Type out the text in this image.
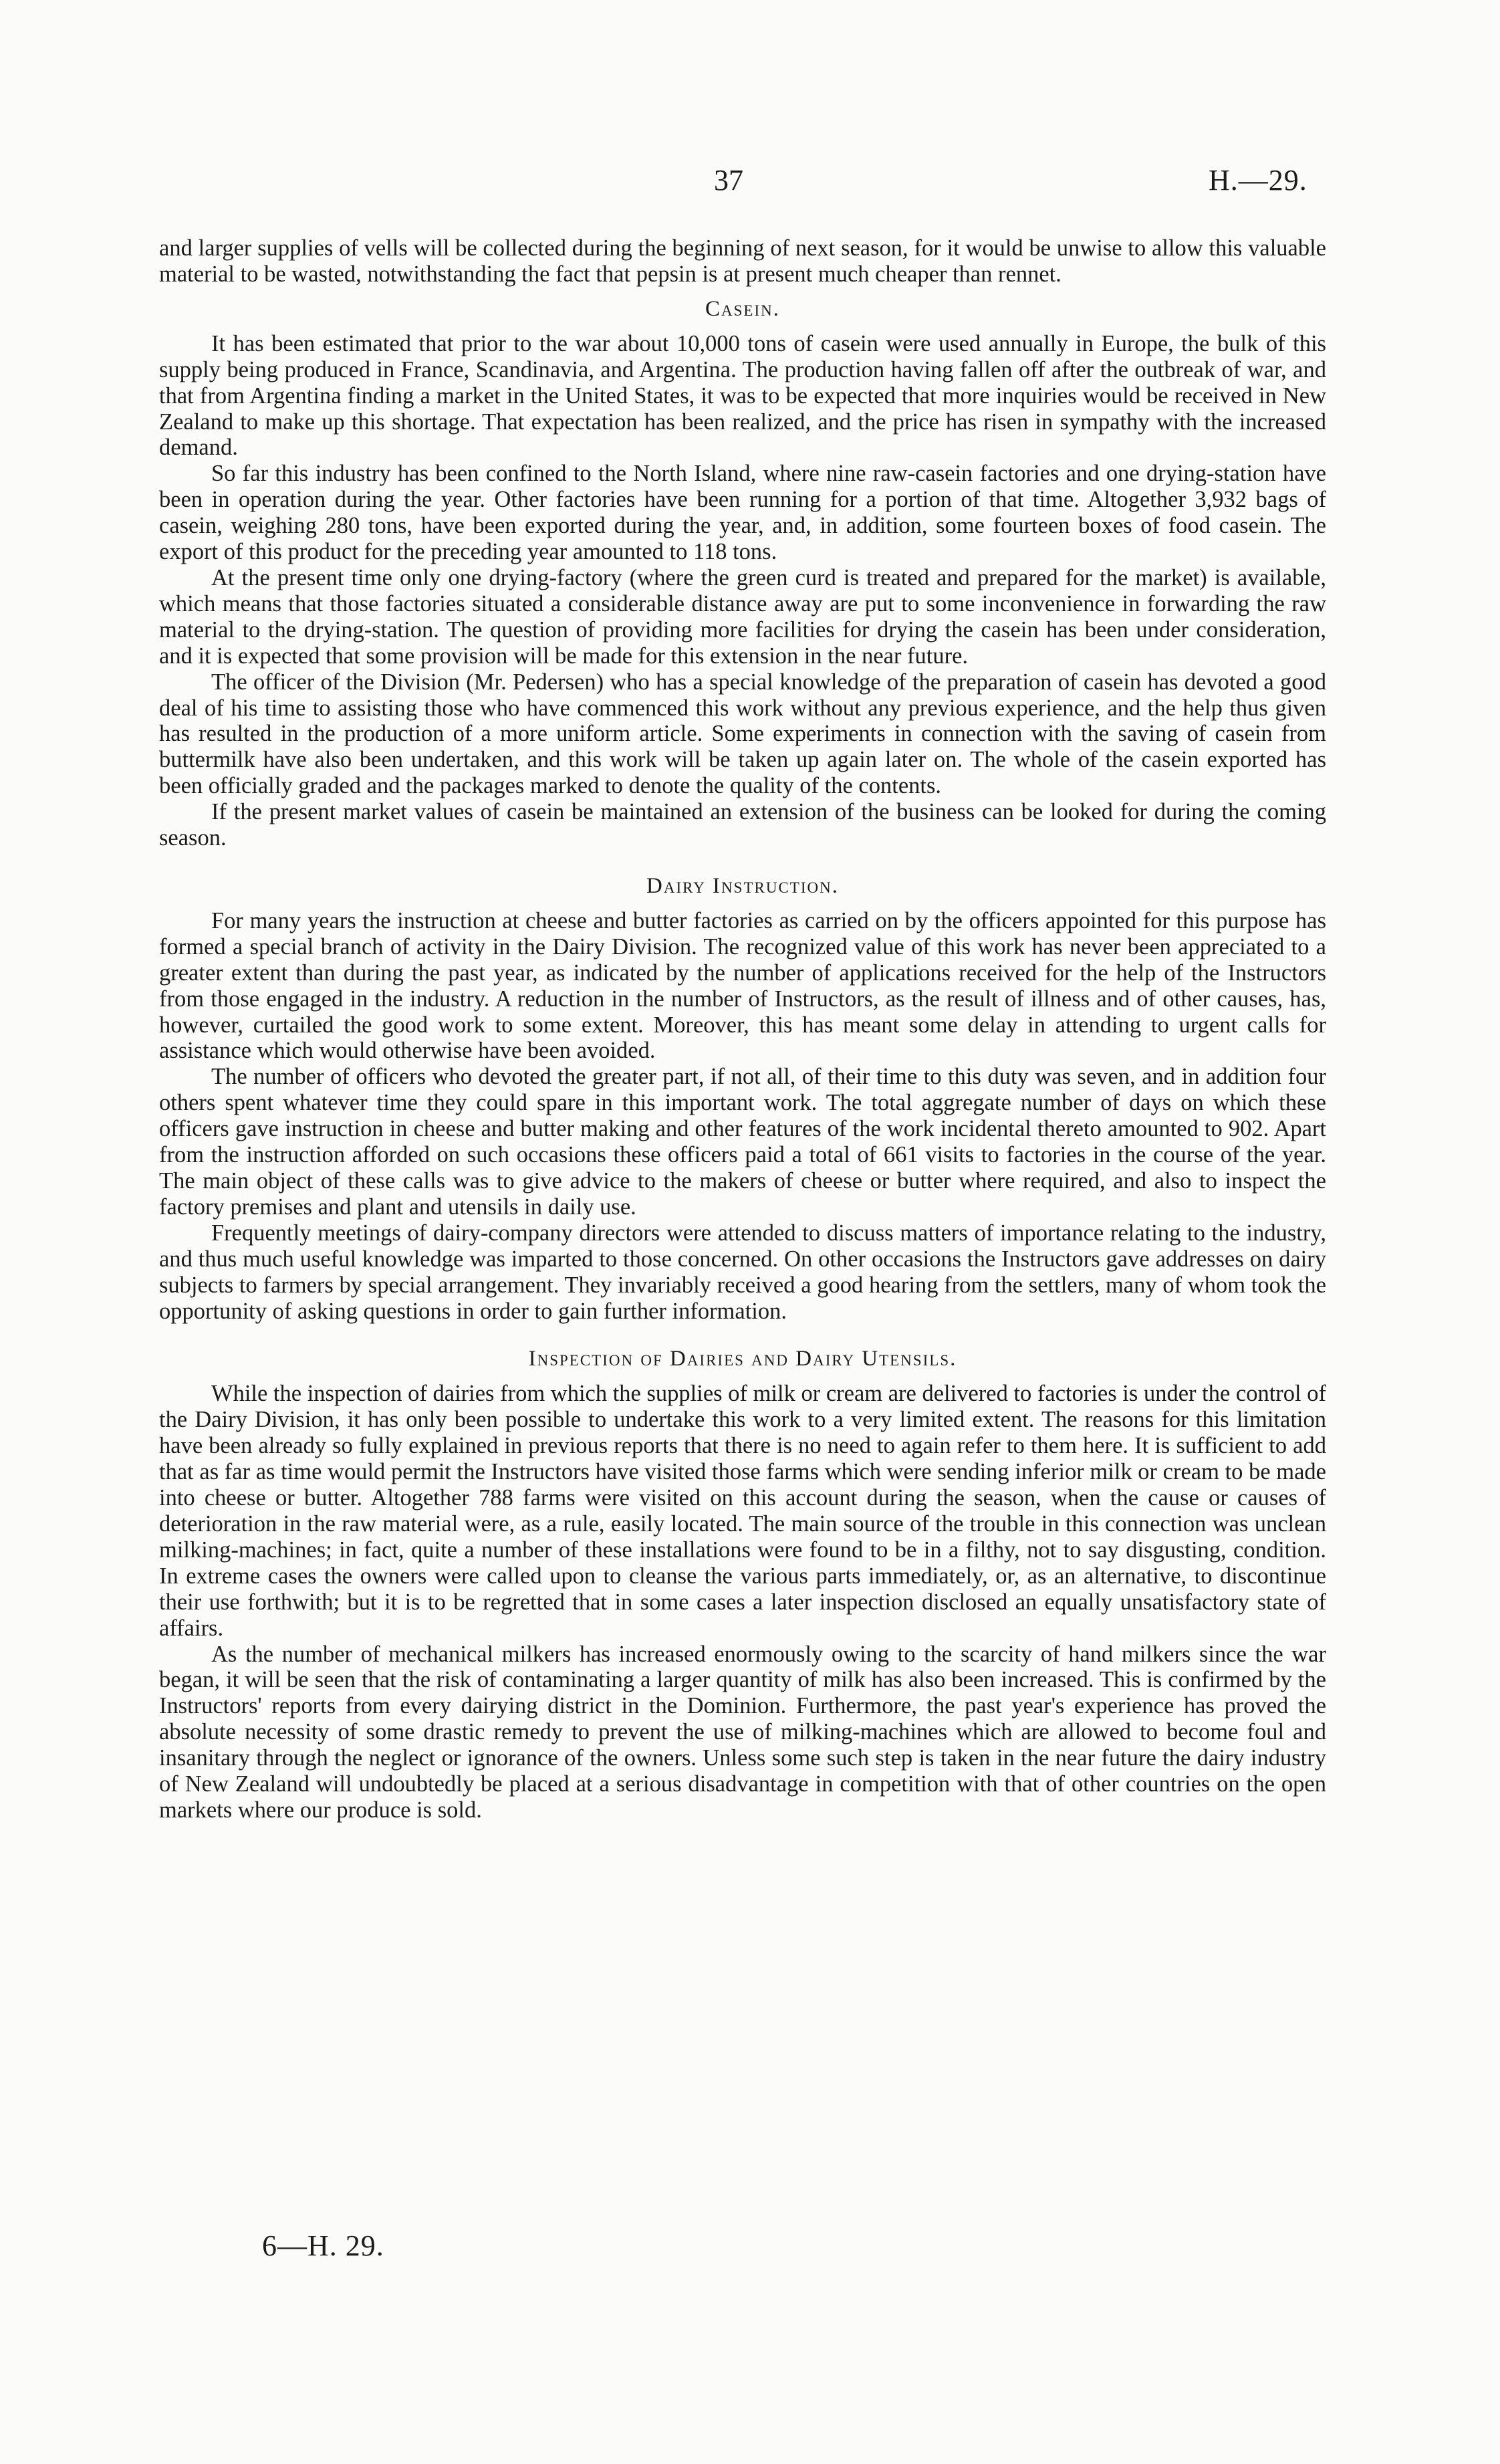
37	H.—29.

and larger supplies of vells will be collected during the beginning of next season, for it would be unwise to allow this valuable material to be wasted, notwithstanding the fact that pepsin is at present much cheaper than rennet.

Casein.

It has been estimated that prior to the war about 10,000 tons of casein were used annually in Europe, the bulk of this supply being produced in France, Scandinavia, and Argentina. The production having fallen off after the outbreak of war, and that from Argentina finding a market in the United States, it was to be expected that more inquiries would be received in New Zealand to make up this shortage. That expectation has been realized, and the price has risen in sympathy with the increased demand.

So far this industry has been confined to the North Island, where nine raw-casein factories and one drying-station have been in operation during the year. Other factories have been running for a portion of that time. Altogether 3,932 bags of casein, weighing 280 tons, have been exported during the year, and, in addition, some fourteen boxes of food casein. The export of this product for the preceding year amounted to 118 tons.

At the present time only one drying-factory (where the green curd is treated and prepared for the market) is available, which means that those factories situated a considerable distance away are put to some inconvenience in forwarding the raw material to the drying-station. The question of providing more facilities for drying the casein has been under consideration, and it is expected that some provision will be made for this extension in the near future.

The officer of the Division (Mr. Pedersen) who has a special knowledge of the preparation of casein has devoted a good deal of his time to assisting those who have commenced this work without any previous experience, and the help thus given has resulted in the production of a more uniform article. Some experiments in connection with the saving of casein from buttermilk have also been undertaken, and this work will be taken up again later on. The whole of the casein exported has been officially graded and the packages marked to denote the quality of the contents.

If the present market values of casein be maintained an extension of the business can be looked for during the coming season.

Dairy Instruction.

For many years the instruction at cheese and butter factories as carried on by the officers appointed for this purpose has formed a special branch of activity in the Dairy Division. The recognized value of this work has never been appreciated to a greater extent than during the past year, as indicated by the number of applications received for the help of the Instructors from those engaged in the industry. A reduction in the number of Instructors, as the result of illness and of other causes, has, however, curtailed the good work to some extent. Moreover, this has meant some delay in attending to urgent calls for assistance which would otherwise have been avoided.

The number of officers who devoted the greater part, if not all, of their time to this duty was seven, and in addition four others spent whatever time they could spare in this important work. The total aggregate number of days on which these officers gave instruction in cheese and butter making and other features of the work incidental thereto amounted to 902. Apart from the instruction afforded on such occasions these officers paid a total of 661 visits to factories in the course of the year. The main object of these calls was to give advice to the makers of cheese or butter where required, and also to inspect the factory premises and plant and utensils in daily use.

Frequently meetings of dairy-company directors were attended to discuss matters of importance relating to the industry, and thus much useful knowledge was imparted to those concerned. On other occasions the Instructors gave addresses on dairy subjects to farmers by special arrangement. They invariably received a good hearing from the settlers, many of whom took the opportunity of asking questions in order to gain further information.

Inspection of Dairies and Dairy Utensils.

While the inspection of dairies from which the supplies of milk or cream are delivered to factories is under the control of the Dairy Division, it has only been possible to undertake this work to a very limited extent. The reasons for this limitation have been already so fully explained in previous reports that there is no need to again refer to them here. It is sufficient to add that as far as time would permit the Instructors have visited those farms which were sending inferior milk or cream to be made into cheese or butter. Altogether 788 farms were visited on this account during the season, when the cause or causes of deterioration in the raw material were, as a rule, easily located. The main source of the trouble in this connection was unclean milking-machines; in fact, quite a number of these installations were found to be in a filthy, not to say disgusting, condition. In extreme cases the owners were called upon to cleanse the various parts immediately, or, as an alternative, to discontinue their use forthwith; but it is to be regretted that in some cases a later inspection disclosed an equally unsatisfactory state of affairs.

As the number of mechanical milkers has increased enormously owing to the scarcity of hand milkers since the war began, it will be seen that the risk of contaminating a larger quantity of milk has also been increased. This is confirmed by the Instructors' reports from every dairying district in the Dominion. Furthermore, the past year's experience has proved the absolute necessity of some drastic remedy to prevent the use of milking-machines which are allowed to become foul and insanitary through the neglect or ignorance of the owners. Unless some such step is taken in the near future the dairy industry of New Zealand will undoubtedly be placed at a serious disadvantage in competition with that of other countries on the open markets where our produce is sold.

6—H. 29.
